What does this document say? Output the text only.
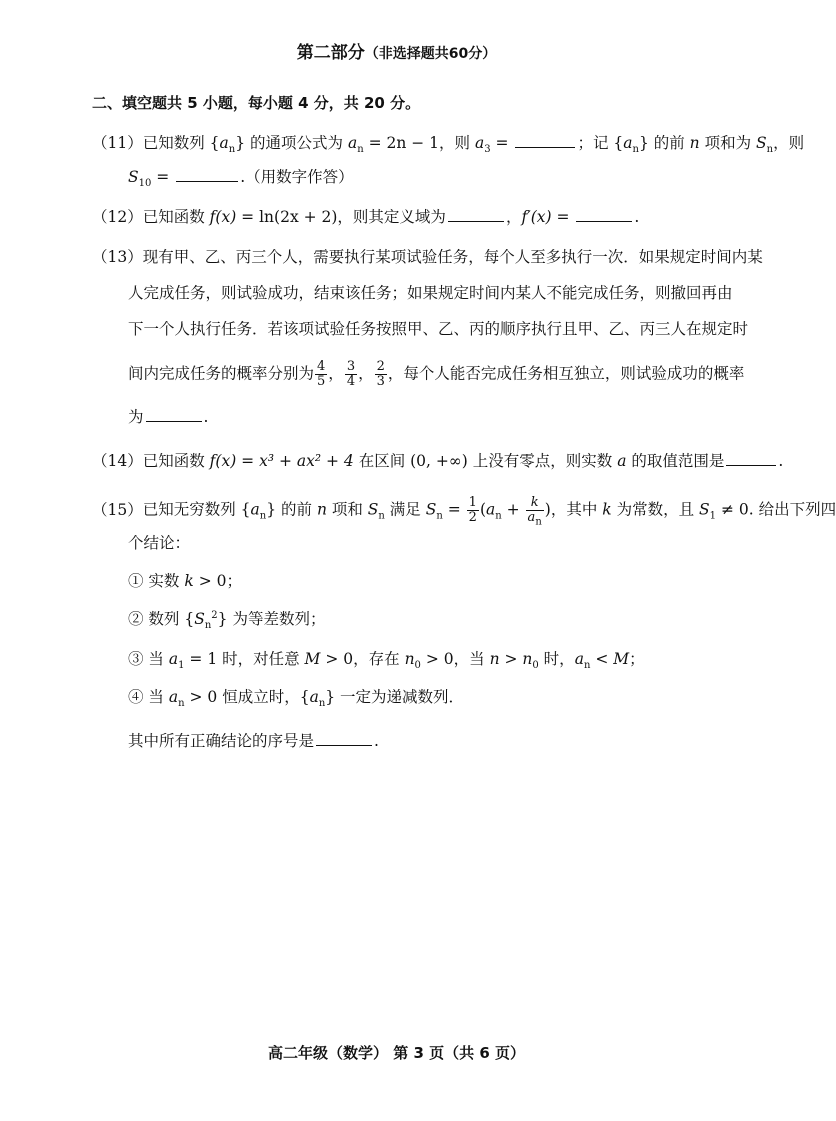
第二部分（非选择题共60分）
二、填空题共 5 小题，每小题 4 分，共 20 分。
（11）已知数列 $\{a_n\}$ 的通项公式为 $a_n = 2n - 1$，则 $a_3$ =	；记 $\{a_n\}$ 的前 n 项和为 $S_n$，则
$S_{10}$ =	.（用数字作答）
（12）已知函数 f(x) = ln(2x + 2)，则其定义域为	，f′(x) =	.
（13）现有甲、乙、丙三个人，需要执行某项试验任务，每个人至多执行一次．如果规定时间内某
人完成任务，则试验成功，结束该任务；如果规定时间内某人不能完成任务，则撤回再由
下一个人执行任务．若该项试验任务按照甲、乙、丙的顺序执行且甲、乙、丙三人在规定时
间内完成任务的概率分别为 $\frac{4}{5}$ ， $\frac{3}{4}$ ， $\frac{2}{3}$ ，每个人能否完成任务相互独立，则试验成功的概率
为	.
（14）已知函数 f(x) = x³ + ax² + 4 在区间 (0, +∞) 上没有零点，则实数 a 的取值范围是	.
（15）已知无穷数列 $\{a_n\}$ 的前 n 项和 $S_n$ 满足 $S_n = \frac{1}{2} (a_n + \frac{k}{a_n}$ )，其中 k 为常数，且 $S_1 \ne 0$. 给出下列四
个结论：
① 实数 k > 0；
② 数列 $\{S_n^2\}$ 为等差数列；
③ 当 $a_1 = 1$ 时，对任意 M > 0，存在 $n_0 > 0$，当 $n > n_0$ 时，$a_n < M$；
④ 当 $a_n > 0$ 恒成立时，$\{a_n\}$ 一定为递减数列．
其中所有正确结论的序号是	.
高二年级（数学） 第 3 页（共 6 页）
